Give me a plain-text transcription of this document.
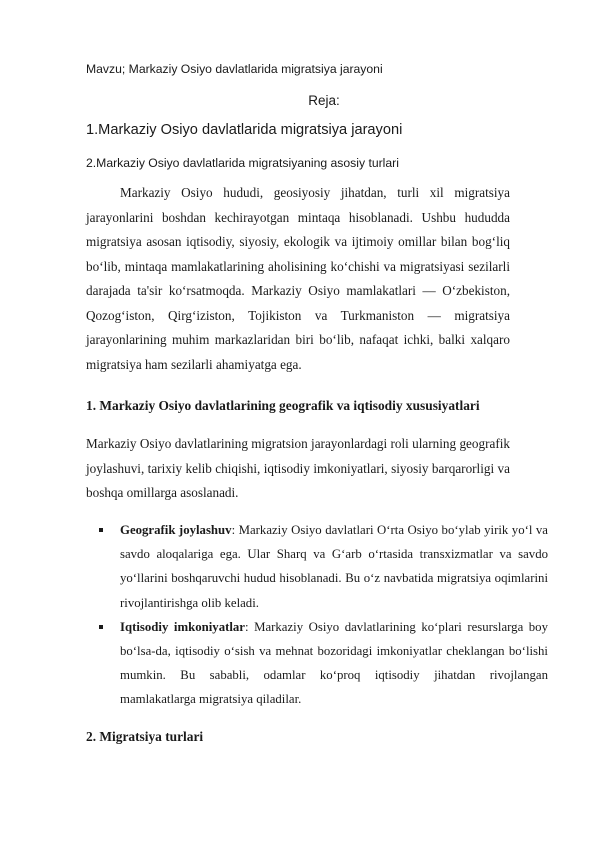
Mavzu; Markaziy Osiyo davlatlarida migratsiya jarayoni
Reja:
1.Markaziy Osiyo davlatlarida migratsiya jarayoni
2.Markaziy Osiyo davlatlarida migratsiyaning asosiy turlari

Markaziy Osiyo hududi, geosiyosiy jihatdan, turli xil migratsiya jarayonlarini boshdan kechirayotgan mintaqa hisoblanadi. Ushbu hududda migratsiya asosan iqtisodiy, siyosiy, ekologik va ijtimoiy omillar bilan bog‘liq bo‘lib, mintaqa mamlakatlarining aholisining ko‘chishi va migratsiyasi sezilarli darajada ta'sir ko‘rsatmoqda. Markaziy Osiyo mamlakatlari — O‘zbekiston, Qozog‘iston, Qirg‘iziston, Tojikiston va Turkmaniston — migratsiya jarayonlarining muhim markazlaridan biri bo‘lib, nafaqat ichki, balki xalqaro migratsiya ham sezilarli ahamiyatga ega.

1. Markaziy Osiyo davlatlarining geografik va iqtisodiy xususiyatlari

Markaziy Osiyo davlatlarining migratsion jarayonlardagi roli ularning geografik joylashuvi, tarixiy kelib chiqishi, iqtisodiy imkoniyatlari, siyosiy barqarorligi va boshqa omillarga asoslanadi.

Geografik joylashuv: Markaziy Osiyo davlatlari O‘rta Osiyo bo‘ylab yirik yo‘l va savdo aloqalariga ega. Ular Sharq va G‘arb o‘rtasida transxizmatlar va savdo yo‘llarini boshqaruvchi hudud hisoblanadi. Bu o‘z navbatida migratsiya oqimlarini rivojlantirishga olib keladi.
Iqtisodiy imkoniyatlar: Markaziy Osiyo davlatlarining ko‘plari resurslarga boy bo‘lsa-da, iqtisodiy o‘sish va mehnat bozoridagi imkoniyatlar cheklangan bo‘lishi mumkin. Bu sababli, odamlar ko‘proq iqtisodiy jihatdan rivojlangan mamlakatlarga migratsiya qiladilar.
2. Migratsiya turlari
